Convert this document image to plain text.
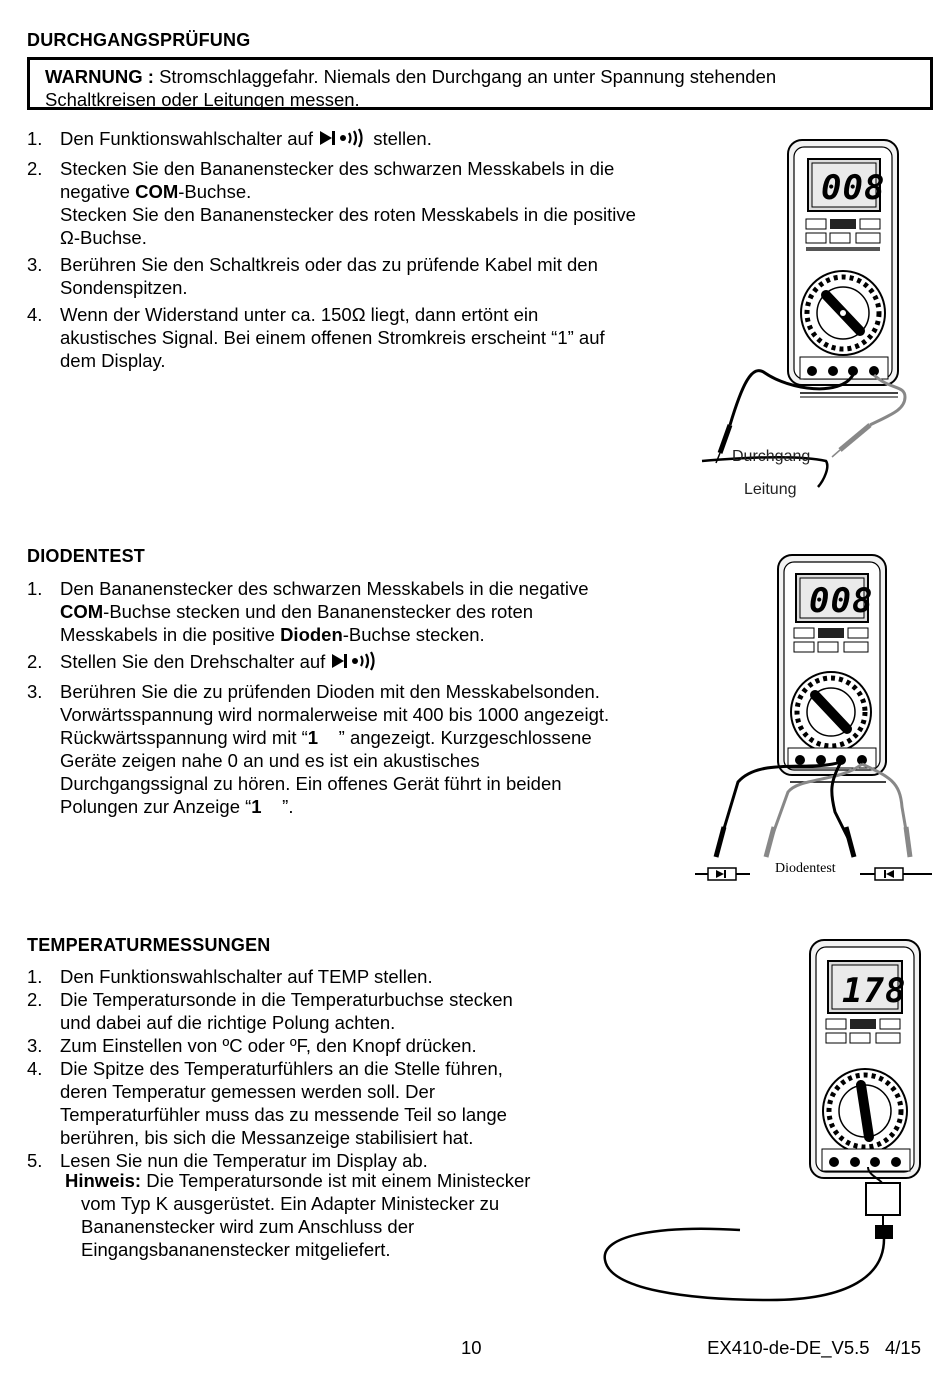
DURCHGANGSPRÜFUNG
WARNUNG : Stromschlaggefahr. Niemals den Durchgang an unter Spannung stehenden
Schaltkreisen oder Leitungen messen.
1. Den Funktionswahlschalter auf	stellen.
2. Stecken Sie den Bananenstecker des schwarzen Messkabels in die
negative COM-Buchse.
Stecken Sie den Bananenstecker des roten Messkabels in die positive
Ω-Buchse.
3. Berühren Sie den Schaltkreis oder das zu prüfende Kabel mit den
Sondenspitzen.
4. Wenn der Widerstand unter ca. 150Ω liegt, dann ertönt ein
akustisches Signal. Bei einem offenen Stromkreis erscheint “1” auf
dem Display.
008
Durchgang
Leitung
DIODENTEST
1. Den Bananenstecker des schwarzen Messkabels in die negative
COM-Buchse stecken und den Bananenstecker des roten
Messkabels in die positive Dioden-Buchse stecken.
2. Stellen Sie den Drehschalter auf
3. Berühren Sie die zu prüfenden Dioden mit den Messkabelsonden.
Vorwärtsspannung wird normalerweise mit 400 bis 1000 angezeigt.
Rückwärtsspannung wird mit “1    ” angezeigt. Kurzgeschlossene
Geräte zeigen nahe 0 an und es ist ein akustisches
Durchgangssignal zu hören. Ein offenes Gerät führt in beiden
Polungen zur Anzeige “1    ”.
008
Diodentest
TEMPERATURMESSUNGEN
1. Den Funktionswahlschalter auf TEMP stellen.
2. Die Temperatursonde in die Temperaturbuchse stecken
und dabei auf die richtige Polung achten.
3. Zum Einstellen von ºC oder ºF, den Knopf drücken.
4. Die Spitze des Temperaturfühlers an die Stelle führen,
deren Temperatur gemessen werden soll. Der
Temperaturfühler muss das zu messende Teil so lange
berühren, bis sich die Messanzeige stabilisiert hat.
5. Lesen Sie nun die Temperatur im Display ab.
Hinweis: Die Temperatursonde ist mit einem Ministecker
vom Typ K ausgerüstet. Ein Adapter Ministecker zu
Bananenstecker wird zum Anschluss der
Eingangsbananenstecker mitgeliefert.
178
10	EX410-de-DE_V5.5   4/15
